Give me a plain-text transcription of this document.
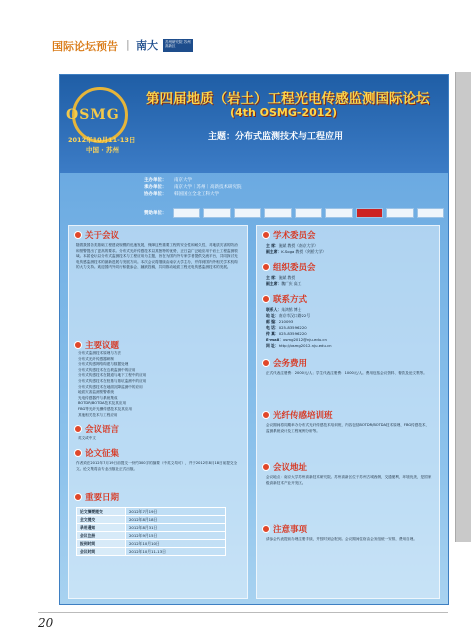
国际论坛预告 | 南大	苏州研究院 苏州高新区
OSMG
2012年10月11-13日
中国 · 苏州
第四届地质（岩土）工程光电传感监测国际论坛
(4th OSMG-2012)
主题：分布式监测技术与工程应用
主办单位：	南京大学
承办单位：	南京大学｜苏州｜高新技术研究院
协办单位：	韩国国立全北工科大学
赞助单位：
关于会议
随着我国各类基础工程建设规模的迅速发展，保障这些重要工程的安全性和耐久性，对地质灾害的防治和预警提出了更高的要求。分布式光纤传感技术以其独特的优势，正日益广泛地应用于岩土工程监测领域。本届论坛以分布式监测技术与工程应用为主题，旨在为国内外专家学者提供交流平台，共同探讨光电传感监测技术的最新进展与发展方向。本次会议将继续由南京大学主办，并得到国内外相关学术机构的大力支持。欢迎国内外同行积极参会、踊跃投稿，共同推动地质工程光电传感监测技术的发展。
主要议题
分布式监测技术原理与方法
分布式光纤传感器研制
分布式传感网络构建与数据处理
分布式传感技术在边坡监测中的应用
分布式传感技术在隧道与地下工程中的应用
分布式传感技术在桩基与基坑监测中的应用
分布式传感技术在地面沉降监测中的应用
地质灾害监测预警系统
光电传感器件与系统集成
BOTDR/BOTDA技术及其应用
FBG等光纤光栅传感技术及其应用
其他相关技术与工程应用
会议语言
英文或中文
论文征集
作者须在2012年7月19日前提交一份约300字的摘要（中英文均可），并于2012年8月18日前提交全文。论文集将由专业出版社正式出版。
重要日期
论文摘要提交	2012年7月19日
全文提交	2012年8月18日
录用通知	2012年8月31日
会议注册	2012年9月15日
报到时间	2012年10月10日
会议时间	2012年10月11-13日
学术委员会
主 席：施斌 教授（南京大学）
副主席：K.Soga 教授（剑桥大学）
组织委员会
主 席：施斌 教授
副主席：魏广庆 高工
联系方式
联系人：朱鸿鹄 博士
地 址：南京市汉口路22号
邮 编：210093
电 话：025-83596220
传 真：025-83596220
E-mail：osmg2012@nju.edu.cn
网 址：http://osmg2012.nju.edu.cn
会务费用
正式代表注册费：2000元/人；学生代表注册费：1000元/人。费用包括会议资料、餐饮及论文集等。
光纤传感培训班
会议期间将同期举办分布式光纤传感技术培训班，内容包括BOTDR/BOTDA技术原理、FBG传感技术、监测系统设计及工程案例分析等。
会议地址
会议地点：南京大学苏州高新技术研究院。苏州高新区位于苏州古城西侧，交通便利，环境优美，是国家级高新技术产业开发区。
注意事项
请参会代表提前办理注册手续，并按时到会报到。会议期间住宿由会务组统一安排，费用自理。
20
